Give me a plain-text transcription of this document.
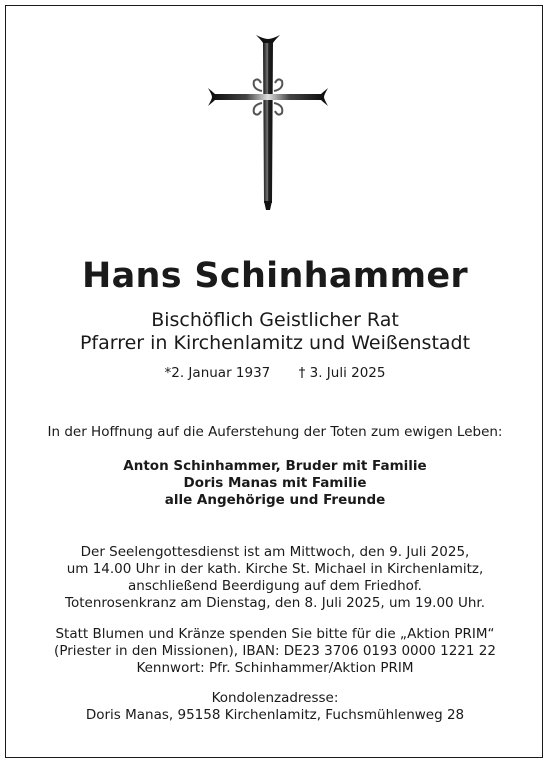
Hans Schinhammer
Bischöflich Geistlicher Rat
Pfarrer in Kirchenlamitz und Weißenstadt
*2. Januar 1937 † 3. Juli 2025
In der Hoffnung auf die Auferstehung der Toten zum ewigen Leben:
Anton Schinhammer, Bruder mit Familie
Doris Manas mit Familie
alle Angehörige und Freunde
Der Seelengottesdienst ist am Mittwoch, den 9. Juli 2025,
um 14.00 Uhr in der kath. Kirche St. Michael in Kirchenlamitz,
anschließend Beerdigung auf dem Friedhof.
Totenrosenkranz am Dienstag, den 8. Juli 2025, um 19.00 Uhr.
Statt Blumen und Kränze spenden Sie bitte für die „Aktion PRIM“
(Priester in den Missionen), IBAN: DE23 3706 0193 0000 1221 22
Kennwort: Pfr. Schinhammer/Aktion PRIM
Kondolenzadresse:
Doris Manas, 95158 Kirchenlamitz, Fuchsmühlenweg 28
